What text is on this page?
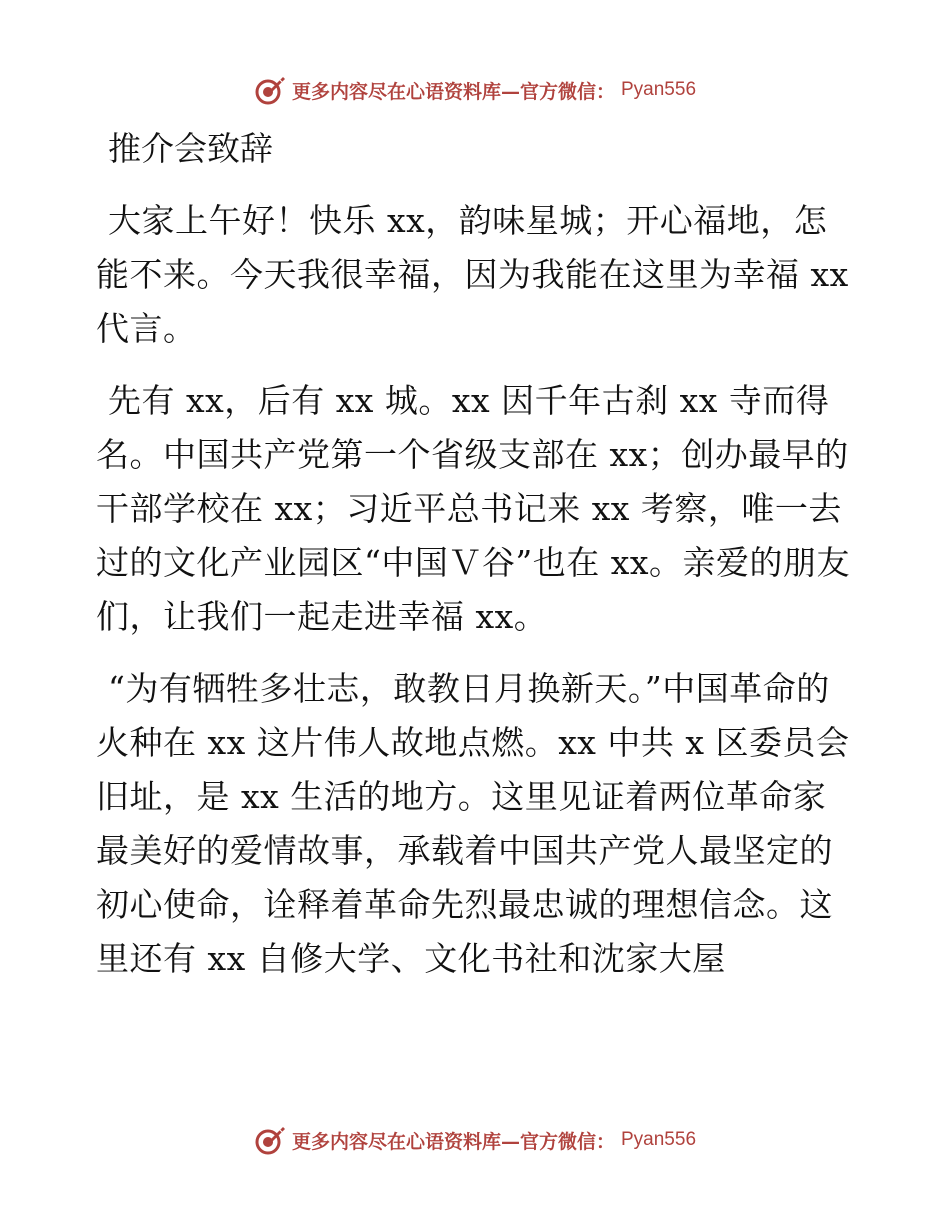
更多内容尽在心语资料库—官方微信： Pyan556
推介会致辞

大家上午好！快乐 xx，韵味星城；开心福地，怎能不来。今天我很幸福，因为我能在这里为幸福 xx 代言。

先有 xx，后有 xx 城。xx 因千年古刹 xx 寺而得名。中国共产党第一个省级支部在 xx；创办最早的干部学校在 xx；习近平总书记来 xx 考察，唯一去过的文化产业园区“中国Ｖ谷”也在 xx。亲爱的朋友们，让我们一起走进幸福 xx。

“为有牺牲多壮志，敢教日月换新天。”中国革命的火种在 xx 这片伟人故地点燃。xx 中共 x 区委员会旧址，是 xx 生活的地方。这里见证着两位革命家最美好的爱情故事，承载着中国共产党人最坚定的初心使命，诠释着革命先烈最忠诚的理想信念。这里还有 xx 自修大学、文化书社和沈家大屋

更多内容尽在心语资料库—官方微信： Pyan556
